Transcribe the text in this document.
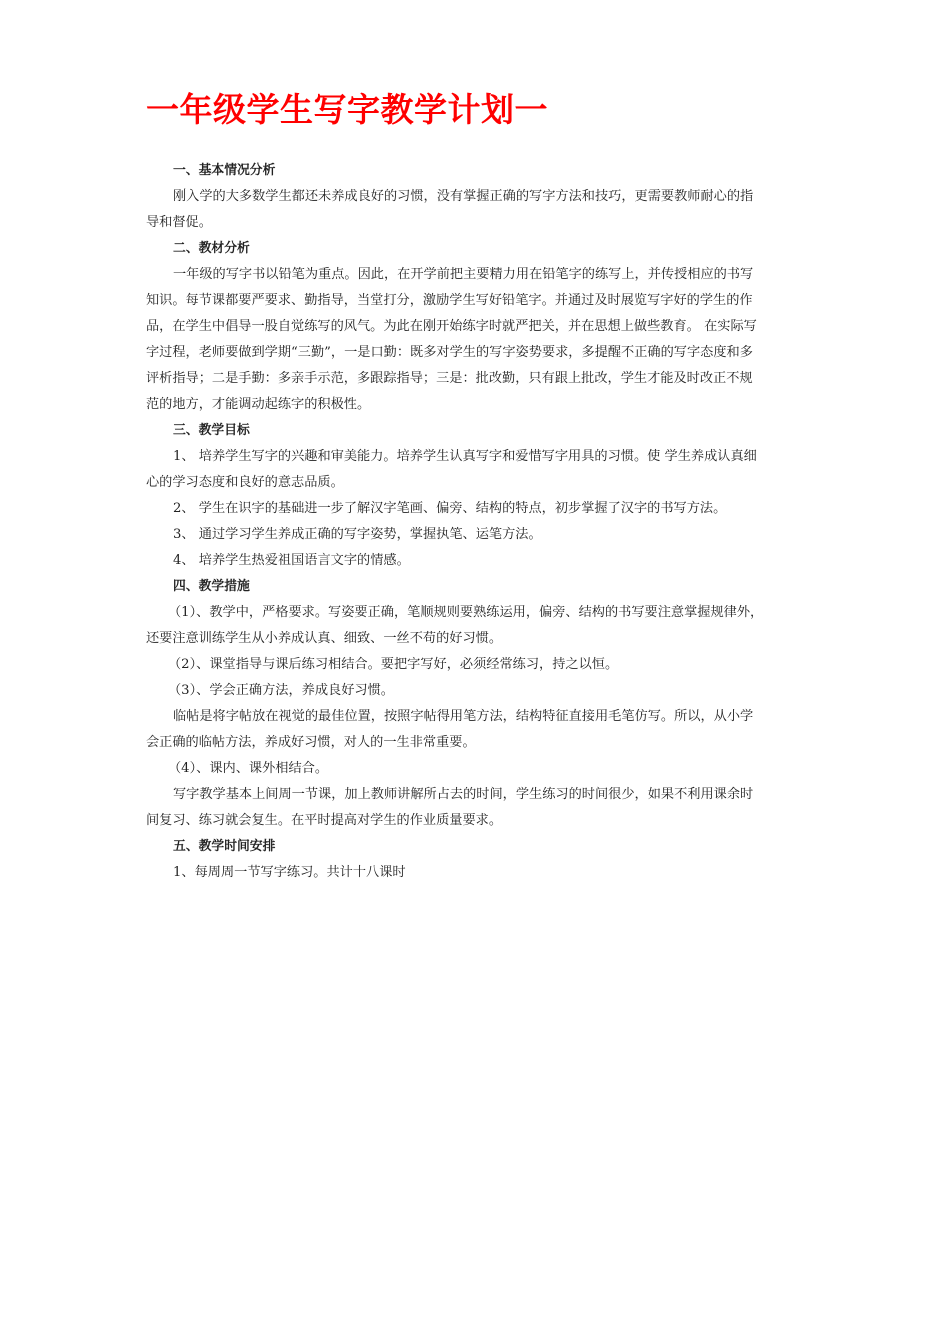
一年级学生写字教学计划一
一、基本情况分析
刚入学的大多数学生都还未养成良好的习惯，没有掌握正确的写字方法和技巧，更需要教师耐心的指
导和督促。
二、教材分析
一年级的写字书以铅笔为重点。因此，在开学前把主要精力用在铅笔字的练写上，并传授相应的书写
知识。每节课都要严要求、勤指导，当堂打分，激励学生写好铅笔字。并通过及时展览写字好的学生的作
品，在学生中倡导一股自觉练写的风气。为此在刚开始练字时就严把关，并在思想上做些教育。 在实际写
字过程，老师要做到学期“三勤”，一是口勤：既多对学生的写字姿势要求，多提醒不正确的写字态度和多
评析指导；二是手勤：多亲手示范，多跟踪指导；三是：批改勤，只有跟上批改，学生才能及时改正不规
范的地方，才能调动起练字的积极性。
三、教学目标
1、 培养学生写字的兴趣和审美能力。培养学生认真写字和爱惜写字用具的习惯。使 学生养成认真细
心的学习态度和良好的意志品质。
2、 学生在识字的基础进一步了解汉字笔画、偏旁、结构的特点，初步掌握了汉字的书写方法。
3、 通过学习学生养成正确的写字姿势，掌握执笔、运笔方法。
4、 培养学生热爱祖国语言文字的情感。
四、教学措施
（1）、教学中，严格要求。写姿要正确，笔顺规则要熟练运用，偏旁、结构的书写要注意掌握规律外，
还要注意训练学生从小养成认真、细致、一丝不苟的好习惯。
（2）、课堂指导与课后练习相结合。要把字写好，必须经常练习，持之以恒。
（3）、学会正确方法，养成良好习惯。
临帖是将字帖放在视觉的最佳位置，按照字帖得用笔方法，结构特征直接用毛笔仿写。所以，从小学
会正确的临帖方法，养成好习惯，对人的一生非常重要。
（4）、课内、课外相结合。
写字教学基本上间周一节课，加上教师讲解所占去的时间，学生练习的时间很少，如果不利用课余时
间复习、练习就会复生。在平时提高对学生的作业质量要求。
五、教学时间安排
1、每周周一节写字练习。共计十八课时
